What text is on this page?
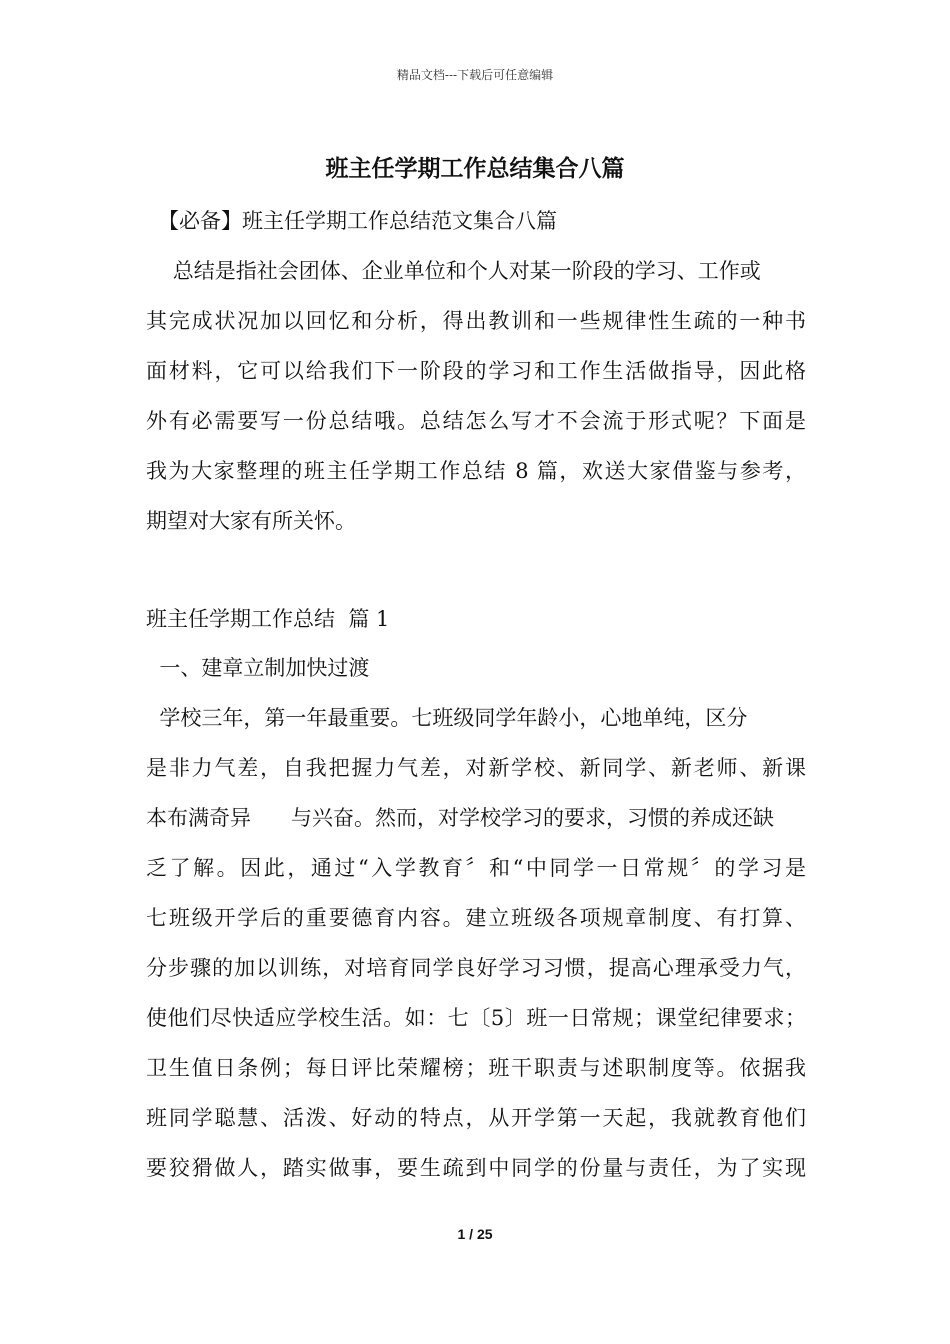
精品文档---下载后可任意编辑
班主任学期工作总结集合八篇

【必备】班主任学期工作总结范文集合八篇

总结是指社会团体、企业单位和个人对某一阶段的学习、工作或

其完成状况加以回忆和分析，得出教训和一些规律性生疏的一种书

面材料，它可以给我们下一阶段的学习和工作生活做指导，因此格

外有必需要写一份总结哦。总结怎么写才不会流于形式呢？下面是

我为大家整理的班主任学期工作总结 8 篇，欢送大家借鉴与参考，

期望对大家有所关怀。

班主任学期工作总结  篇 1

一、建章立制加快过渡

学校三年，第一年最重要。七班级同学年龄小，心地单纯，区分

是非力气差，自我把握力气差，对新学校、新同学、新老师、新课

本布满奇异      与兴奋。然而，对学校学习的要求，习惯的养成还缺

乏了解。因此，通过“入学教育〞和“中同学一日常规〞的学习是

七班级开学后的重要德育内容。建立班级各项规章制度、有打算、

分步骤的加以训练，对培育同学良好学习习惯，提高心理承受力气，

使他们尽快适应学校生活。如：七〔5〕班一日常规；课堂纪律要求；

卫生值日条例；每日评比荣耀榜；班干职责与述职制度等。依据我

班同学聪慧、活泼、好动的特点，从开学第一天起，我就教育他们

要狡猾做人，踏实做事，要生疏到中同学的份量与责任，为了实现

1 / 25
